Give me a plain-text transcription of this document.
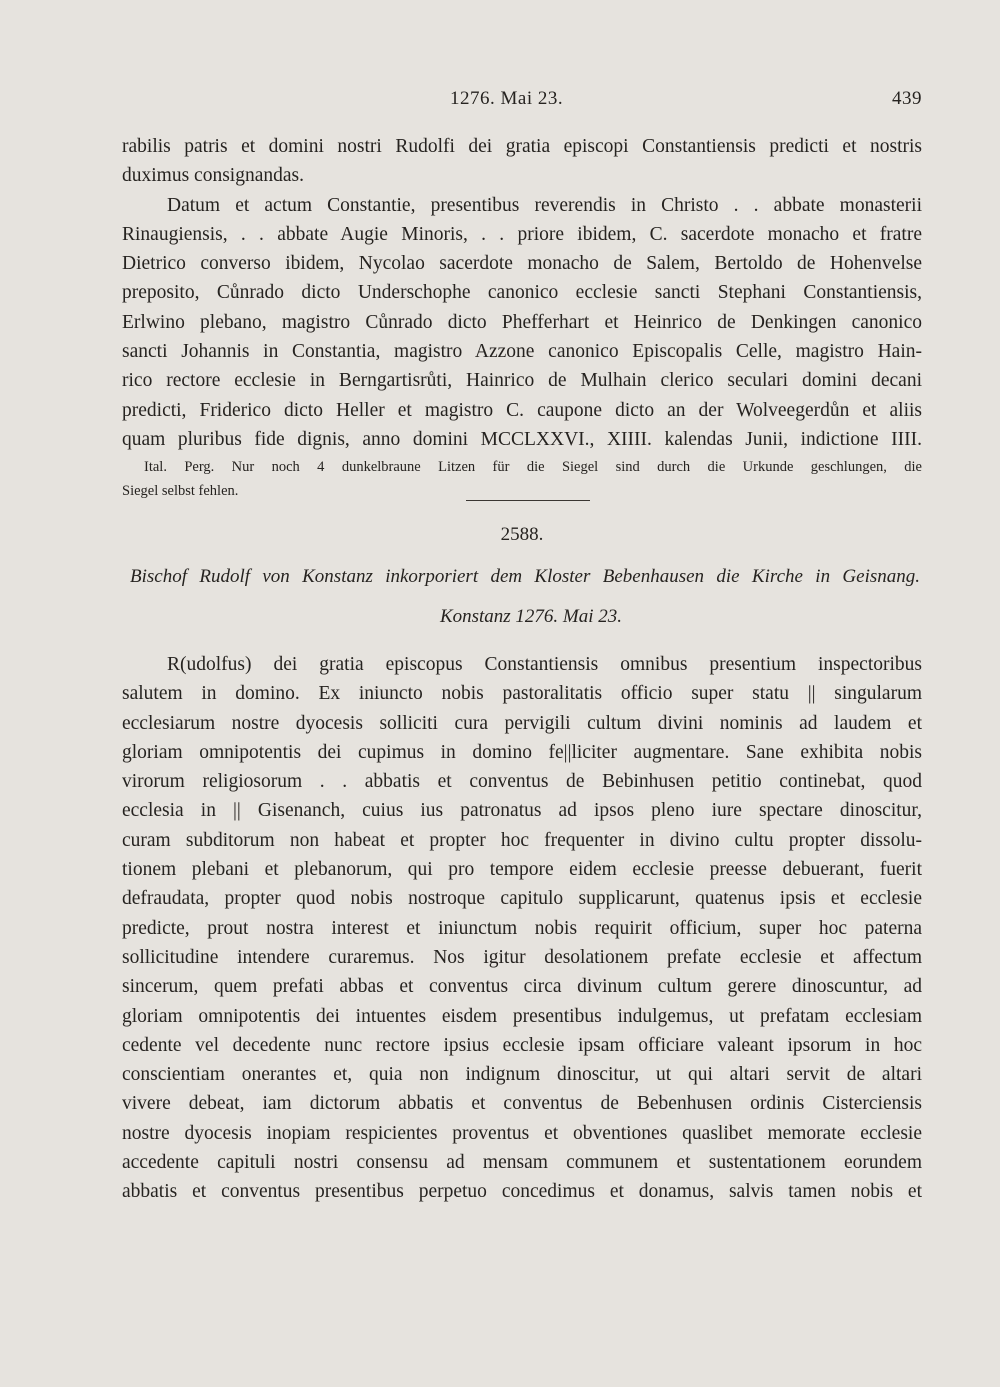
1276. Mai 23.	439
rabilis patris et domini nostri Rudolfi dei gratia episcopi Constantiensis predicti et nostris
duximus consignandas.
Datum et actum Constantie, presentibus reverendis in Christo . . abbate monasterii
Rinaugiensis, . . abbate Augie Minoris, . . priore ibidem, C. sacerdote monacho et fratre
Dietrico converso ibidem, Nycolao sacerdote monacho de Salem, Bertoldo de Hohenvelse
preposito, Cůnrado dicto Underschophe canonico ecclesie sancti Stephani Constantiensis,
Erlwino plebano, magistro Cůnrado dicto Phefferhart et Heinrico de Denkingen canonico
sancti Johannis in Constantia, magistro Azzone canonico Episcopalis Celle, magistro Hain-
rico rectore ecclesie in Berngartisrůti, Hainrico de Mulhain clerico seculari domini decani
predicti, Friderico dicto Heller et magistro C. caupone dicto an der Wolveegerdůn et aliis
quam pluribus fide dignis, anno domini MCCLXXVI., XIIII. kalendas Junii, indictione IIII.
Ital. Perg. Nur noch 4 dunkelbraune Litzen für die Siegel sind durch die Urkunde geschlungen, die
Siegel selbst fehlen.
2588.
Bischof Rudolf von Konstanz inkorporiert dem Kloster Bebenhausen die Kirche in Geisnang.
Konstanz 1276. Mai 23.
R(udolfus) dei gratia episcopus Constantiensis omnibus presentium inspectoribus
salutem in domino. Ex iniuncto nobis pastoralitatis officio super statu || singularum
ecclesiarum nostre dyocesis solliciti cura pervigili cultum divini nominis ad laudem et
gloriam omnipotentis dei cupimus in domino fe||liciter augmentare. Sane exhibita nobis
virorum religiosorum . . abbatis et conventus de Bebinhusen petitio continebat, quod
ecclesia in || Gisenanch, cuius ius patronatus ad ipsos pleno iure spectare dinoscitur,
curam subditorum non habeat et propter hoc frequenter in divino cultu propter dissolu-
tionem plebani et plebanorum, qui pro tempore eidem ecclesie preesse debuerant, fuerit
defraudata, propter quod nobis nostroque capitulo supplicarunt, quatenus ipsis et ecclesie
predicte, prout nostra interest et iniunctum nobis requirit officium, super hoc paterna
sollicitudine intendere curaremus. Nos igitur desolationem prefate ecclesie et affectum
sincerum, quem prefati abbas et conventus circa divinum cultum gerere dinoscuntur, ad
gloriam omnipotentis dei intuentes eisdem presentibus indulgemus, ut prefatam ecclesiam
cedente vel decedente nunc rectore ipsius ecclesie ipsam officiare valeant ipsorum in hoc
conscientiam onerantes et, quia non indignum dinoscitur, ut qui altari servit de altari
vivere debeat, iam dictorum abbatis et conventus de Bebenhusen ordinis Cisterciensis
nostre dyocesis inopiam respicientes proventus et obventiones quaslibet memorate ecclesie
accedente capituli nostri consensu ad mensam communem et sustentationem eorundem
abbatis et conventus presentibus perpetuo concedimus et donamus, salvis tamen nobis et
